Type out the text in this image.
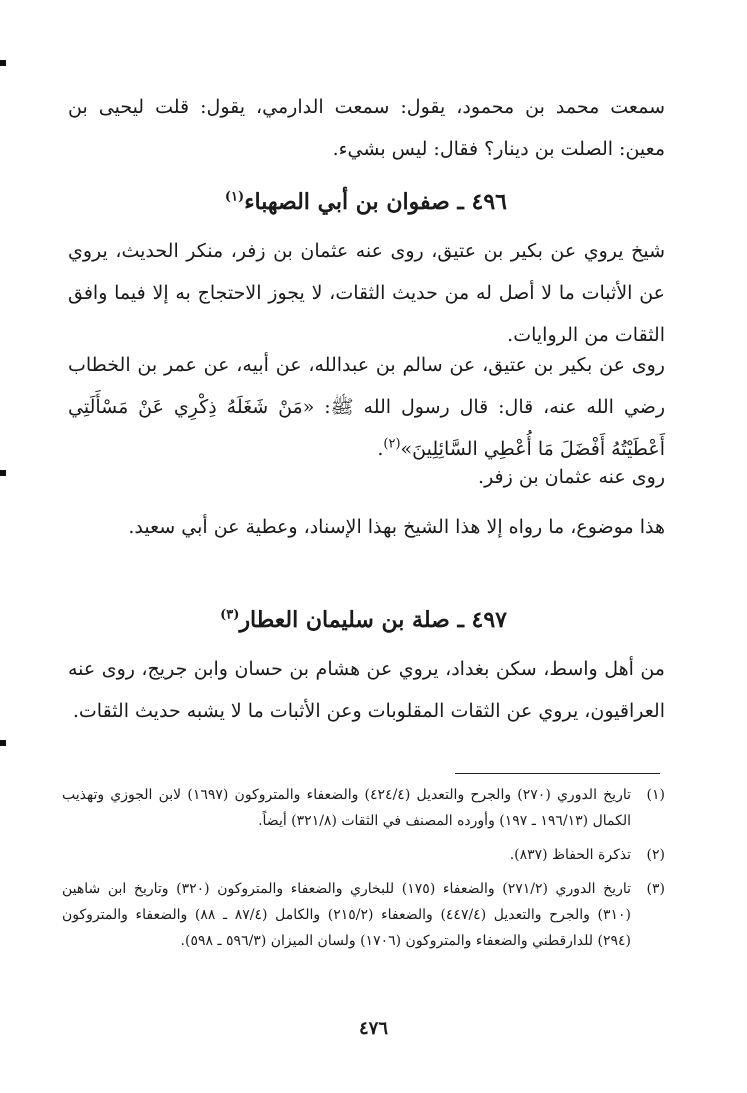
سمعت محمد بن محمود، يقول: سمعت الدارمي، يقول: قلت ليحيى بن معين: الصلت بن دينار؟ فقال: ليس بشيء.

٤٩٦ ـ صفوان بن أبي الصهباء$^{(١)}$

شيخ يروي عن بكير بن عتيق، روى عنه عثمان بن زفر، منكر الحديث، يروي عن الأثبات ما لا أصل له من حديث الثقات، لا يجوز الاحتجاج به إلا فيما وافق الثقات من الروايات.

روى عن بكير بن عتيق، عن سالم بن عبدالله، عن أبيه، عن عمر بن الخطاب رضي الله عنه، قال: قال رسول الله ﷺ: «مَنْ شَغَلَهُ ذِكْرِي عَنْ مَسْأَلَتِي أَعْطَيْتُهُ أَفْضَلَ مَا أُعْطِي السَّائِلِينَ»$^{(٢)}$.

روى عنه عثمان بن زفر.

هذا موضوع، ما رواه إلا هذا الشيخ بهذا الإسناد، وعطية عن أبي سعيد.

٤٩٧ ـ صلة بن سليمان العطار$^{(٣)}$

من أهل واسط، سكن بغداد، يروي عن هشام بن حسان وابن جريج، روى عنه العراقيون، يروي عن الثقات المقلوبات وعن الأثبات ما لا يشبه حديث الثقات.

(١)
تاريخ الدوري (٢٧٠) والجرح والتعديل (٤٢٤/٤) والضعفاء والمتروكون (١٦٩٧) لابن الجوزي وتهذيب الكمال (١٩٦/١٣ ـ ١٩٧) وأورده المصنف في الثقات (٣٢١/٨) أيضاً.
(٢)
تذكرة الحفاظ (٨٣٧).
(٣)
تاريخ الدوري (٢٧١/٢) والضعفاء (١٧٥) للبخاري والضعفاء والمتروكون (٣٢٠) وتاريخ ابن شاهين (٣١٠) والجرح والتعديل (٤٤٧/٤) والضعفاء (٢١٥/٢) والكامل (٨٧/٤ ـ ٨٨) والضعفاء والمتروكون (٢٩٤) للدارقطني والضعفاء والمتروكون (١٧٠٦) ولسان الميزان (٥٩٦/٣ ـ ٥٩٨).
٤٧٦
